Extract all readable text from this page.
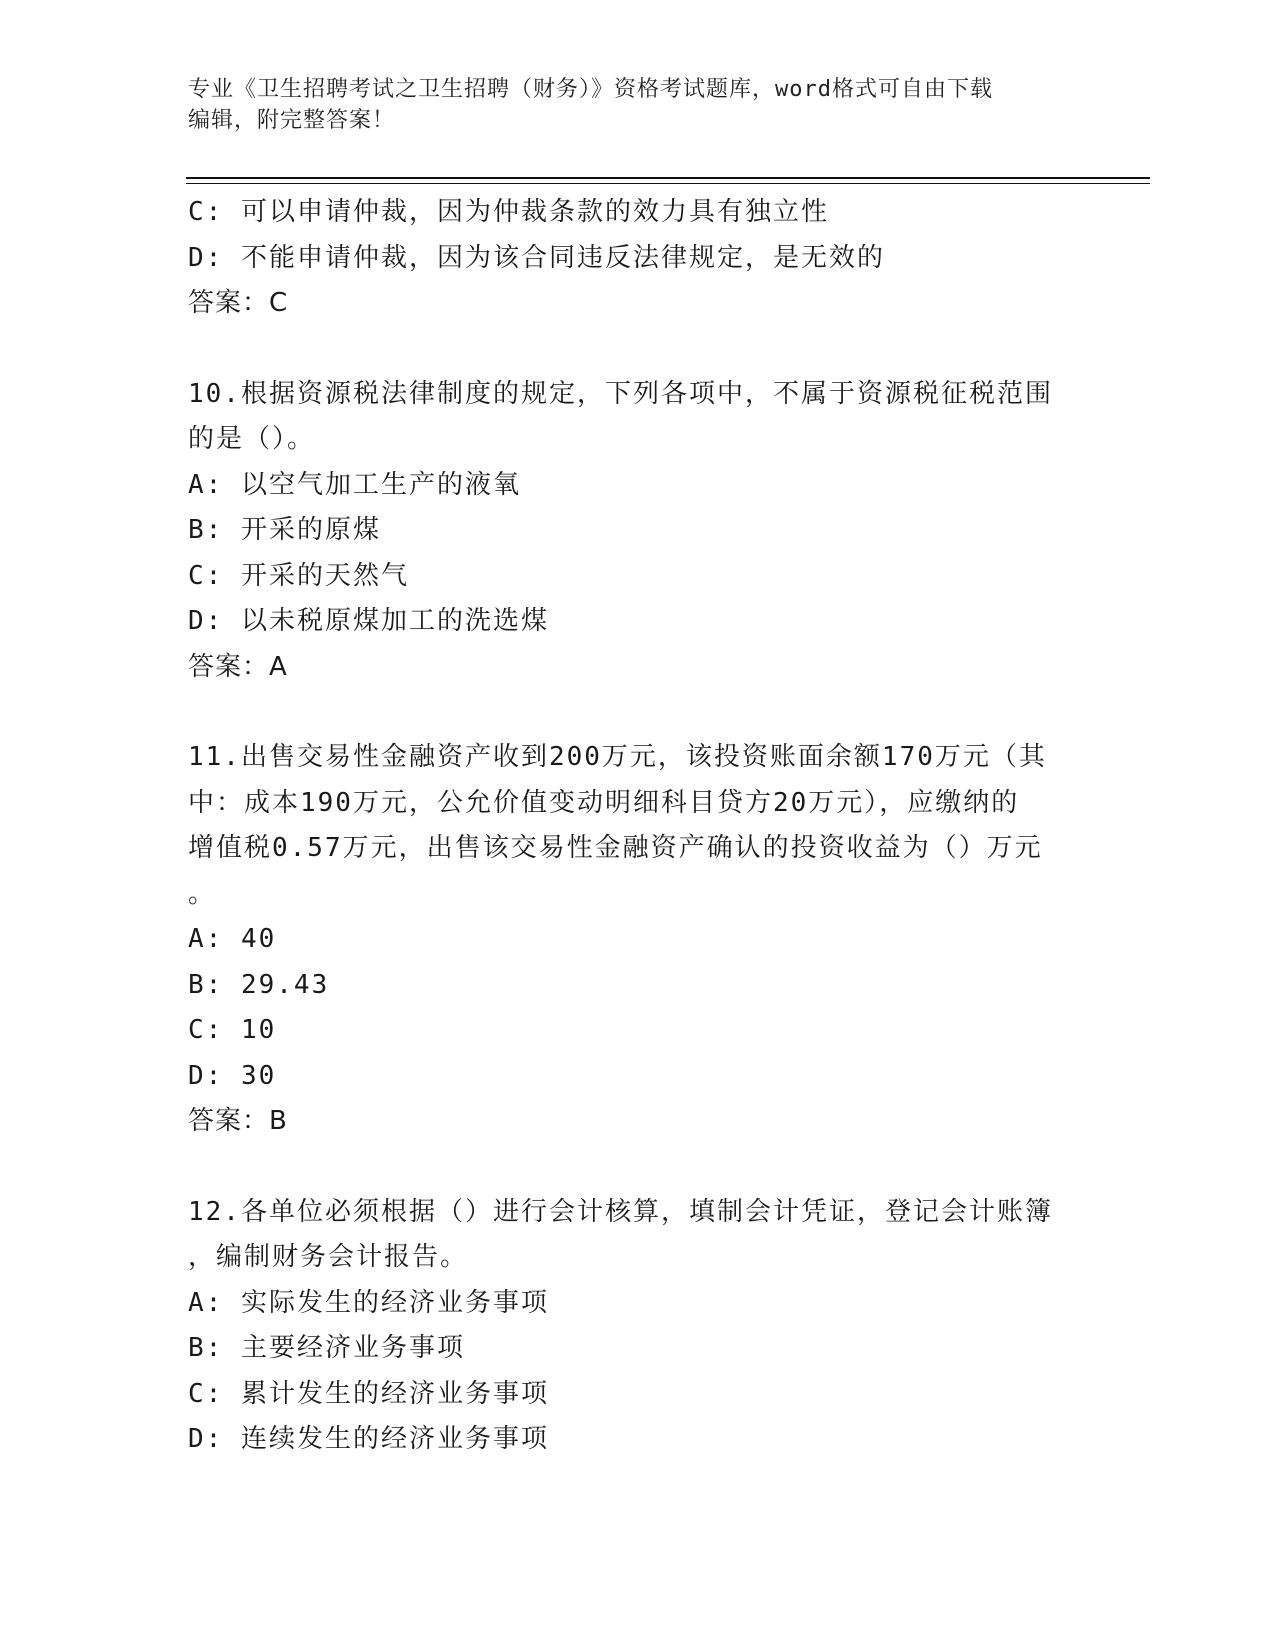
专业《卫生招聘考试之卫生招聘（财务）》资格考试题库，word格式可自由下载
编辑，附完整答案！
C: 可以申请仲裁，因为仲裁条款的效力具有独立性
D: 不能申请仲裁，因为该合同违反法律规定，是无效的
答案：C
10.根据资源税法律制度的规定，下列各项中，不属于资源税征税范围
的是（）。
A: 以空气加工生产的液氧
B: 开采的原煤
C: 开采的天然气
D: 以未税原煤加工的洗选煤
答案：A
11.出售交易性金融资产收到200万元，该投资账面余额170万元（其
中：成本190万元，公允价值变动明细科目贷方20万元），应缴纳的
增值税0.57万元，出售该交易性金融资产确认的投资收益为（）万元
。
A: 40
B: 29.43
C: 10
D: 30
答案：B
12.各单位必须根据（）进行会计核算，填制会计凭证，登记会计账簿
，编制财务会计报告。
A: 实际发生的经济业务事项
B: 主要经济业务事项
C: 累计发生的经济业务事项
D: 连续发生的经济业务事项
